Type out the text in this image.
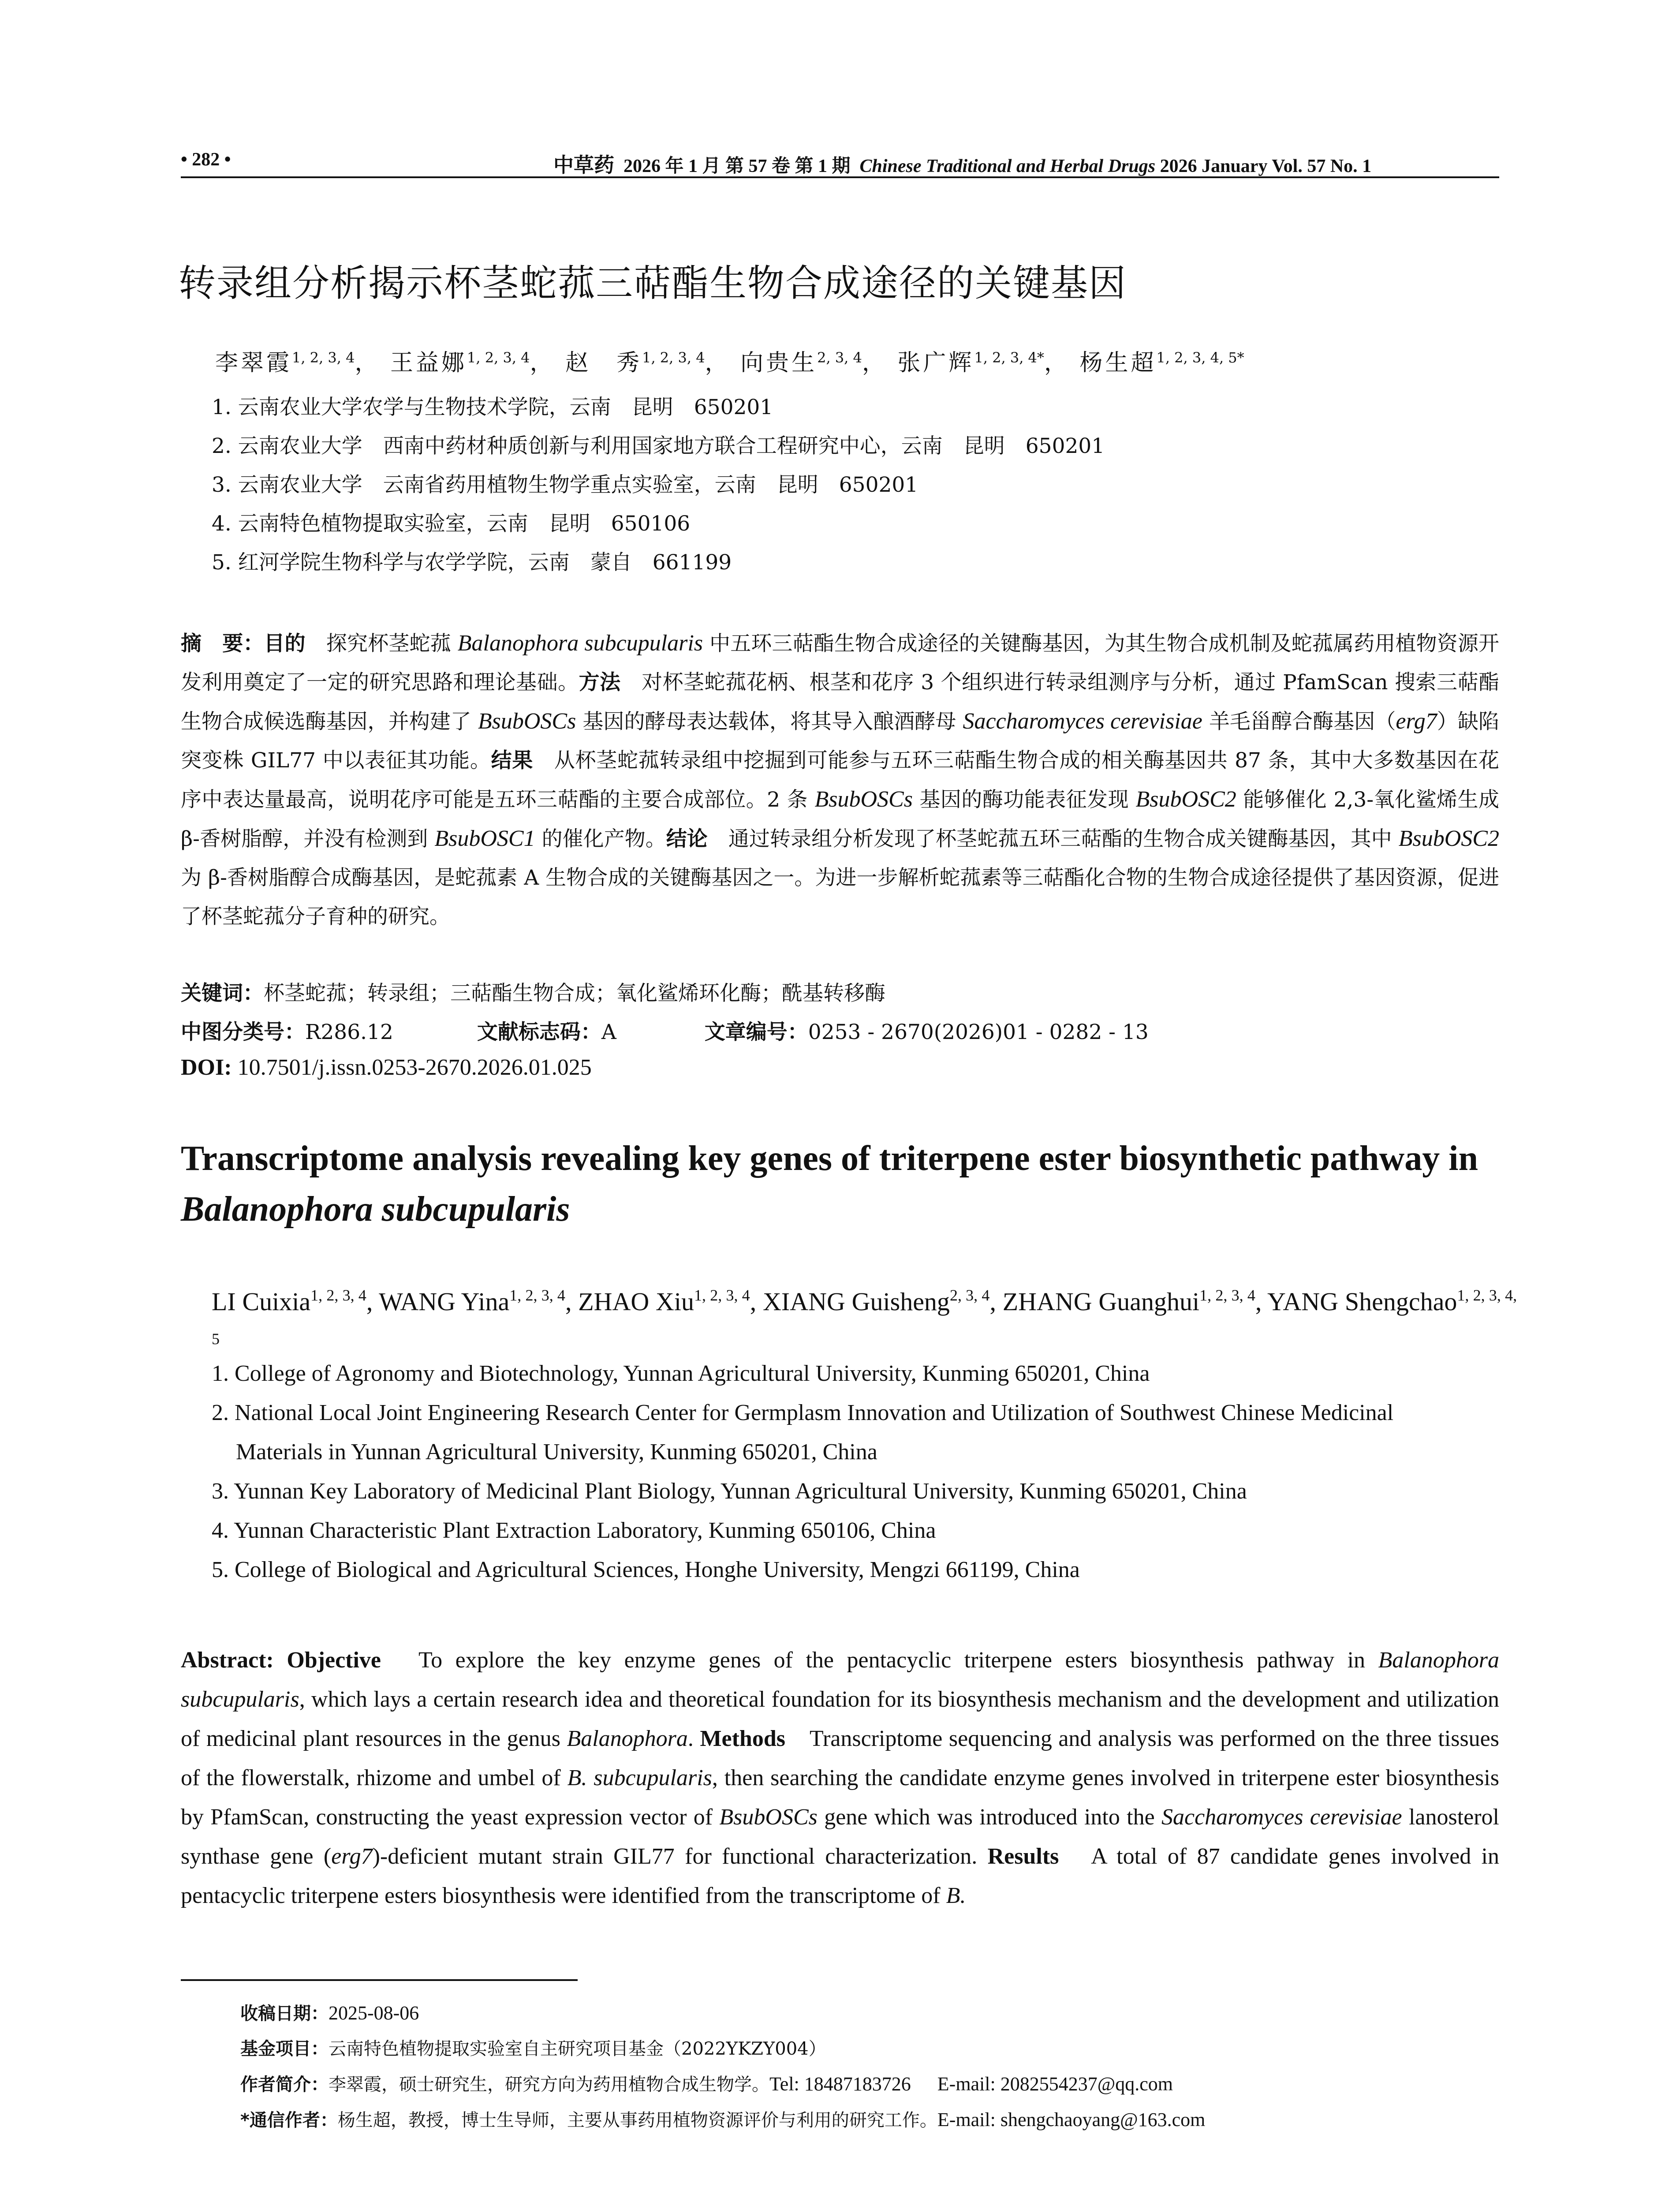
• 282 •	中草药 2026 年 1 月 第 57 卷 第 1 期 Chinese Traditional and Herbal Drugs 2026 January Vol. 57 No. 1
转录组分析揭示杯茎蛇菰三萜酯生物合成途径的关键基因
李翠霞$^{1, 2, 3, 4}$， 王益娜$^{1, 2, 3, 4}$， 赵　秀$^{1, 2, 3, 4}$， 向贵生$^{2, 3, 4}$， 张广辉$^{1, 2, 3, 4*}$， 杨生超$^{1, 2, 3, 4, 5*}$
1. 云南农业大学农学与生物技术学院，云南　昆明　650201
2. 云南农业大学　西南中药材种质创新与利用国家地方联合工程研究中心，云南　昆明　650201
3. 云南农业大学　云南省药用植物生物学重点实验室，云南　昆明　650201
4. 云南特色植物提取实验室，云南　昆明　650106
5. 红河学院生物科学与农学学院，云南　蒙自　661199

摘　要：目的　探究杯茎蛇菰 Balanophora subcupularis 中五环三萜酯生物合成途径的关键酶基因，为其生物合成机制及蛇菰属药用植物资源开发利用奠定了一定的研究思路和理论基础。方法　对杯茎蛇菰花柄、根茎和花序 3 个组织进行转录组测序与分析，通过 PfamScan 搜索三萜酯生物合成候选酶基因，并构建了 BsubOSCs 基因的酵母表达载体，将其导入酿酒酵母 Saccharomyces cerevisiae 羊毛甾醇合酶基因（erg7）缺陷突变株 GIL77 中以表征其功能。结果　从杯茎蛇菰转录组中挖掘到可能参与五环三萜酯生物合成的相关酶基因共 87 条，其中大多数基因在花序中表达量最高，说明花序可能是五环三萜酯的主要合成部位。2 条 BsubOSCs 基因的酶功能表征发现 BsubOSC2 能够催化 2,3-氧化鲨烯生成 β-香树脂醇，并没有检测到 BsubOSC1 的催化产物。结论　通过转录组分析发现了杯茎蛇菰五环三萜酯的生物合成关键酶基因，其中 BsubOSC2 为 β-香树脂醇合成酶基因，是蛇菰素 A 生物合成的关键酶基因之一。为进一步解析蛇菰素等三萜酯化合物的生物合成途径提供了基因资源，促进了杯茎蛇菰分子育种的研究。

关键词：杯茎蛇菰；转录组；三萜酯生物合成；氧化鲨烯环化酶；酰基转移酶
中图分类号：R286.12	文献标志码：A	文章编号：0253 - 2670(2026)01 - 0282 - 13
DOI: 10.7501/j.issn.0253-2670.2026.01.025
Transcriptome analysis revealing key genes of triterpene ester biosynthetic pathway in Balanophora subcupularis
LI Cuixia$^{1, 2, 3, 4}$, WANG Yina$^{1, 2, 3, 4}$, ZHAO Xiu$^{1, 2, 3, 4}$, XIANG Guisheng$^{2, 3, 4}$, ZHANG Guanghui$^{1, 2, 3, 4}$, YANG Shengchao$^{1, 2, 3, 4, 5}$
1. College of Agronomy and Biotechnology, Yunnan Agricultural University, Kunming 650201, China
2. National Local Joint Engineering Research Center for Germplasm Innovation and Utilization of Southwest Chinese Medicinal
Materials in Yunnan Agricultural University, Kunming 650201, China
3. Yunnan Key Laboratory of Medicinal Plant Biology, Yunnan Agricultural University, Kunming 650201, China
4. Yunnan Characteristic Plant Extraction Laboratory, Kunming 650106, China
5. College of Biological and Agricultural Sciences, Honghe University, Mengzi 661199, China

Abstract: Objective　To explore the key enzyme genes of the pentacyclic triterpene esters biosynthesis pathway in Balanophora subcupularis, which lays a certain research idea and theoretical foundation for its biosynthesis mechanism and the development and utilization of medicinal plant resources in the genus Balanophora. Methods　Transcriptome sequencing and analysis was performed on the three tissues of the flowerstalk, rhizome and umbel of B. subcupularis, then searching the candidate enzyme genes involved in triterpene ester biosynthesis by PfamScan, constructing the yeast expression vector of BsubOSCs gene which was introduced into the Saccharomyces cerevisiae lanosterol synthase gene (erg7)-deficient mutant strain GIL77 for functional characterization. Results　A total of 87 candidate genes involved in pentacyclic triterpene esters biosynthesis were identified from the transcriptome of B.

收稿日期：2025-08-06
基金项目：云南特色植物提取实验室自主研究项目基金（2022YKZY004）
作者简介：李翠霞，硕士研究生，研究方向为药用植物合成生物学。Tel: 18487183726 E-mail: 2082554237@qq.com
*通信作者：杨生超，教授，博士生导师，主要从事药用植物资源评价与利用的研究工作。E-mail: shengchaoyang@163.com
